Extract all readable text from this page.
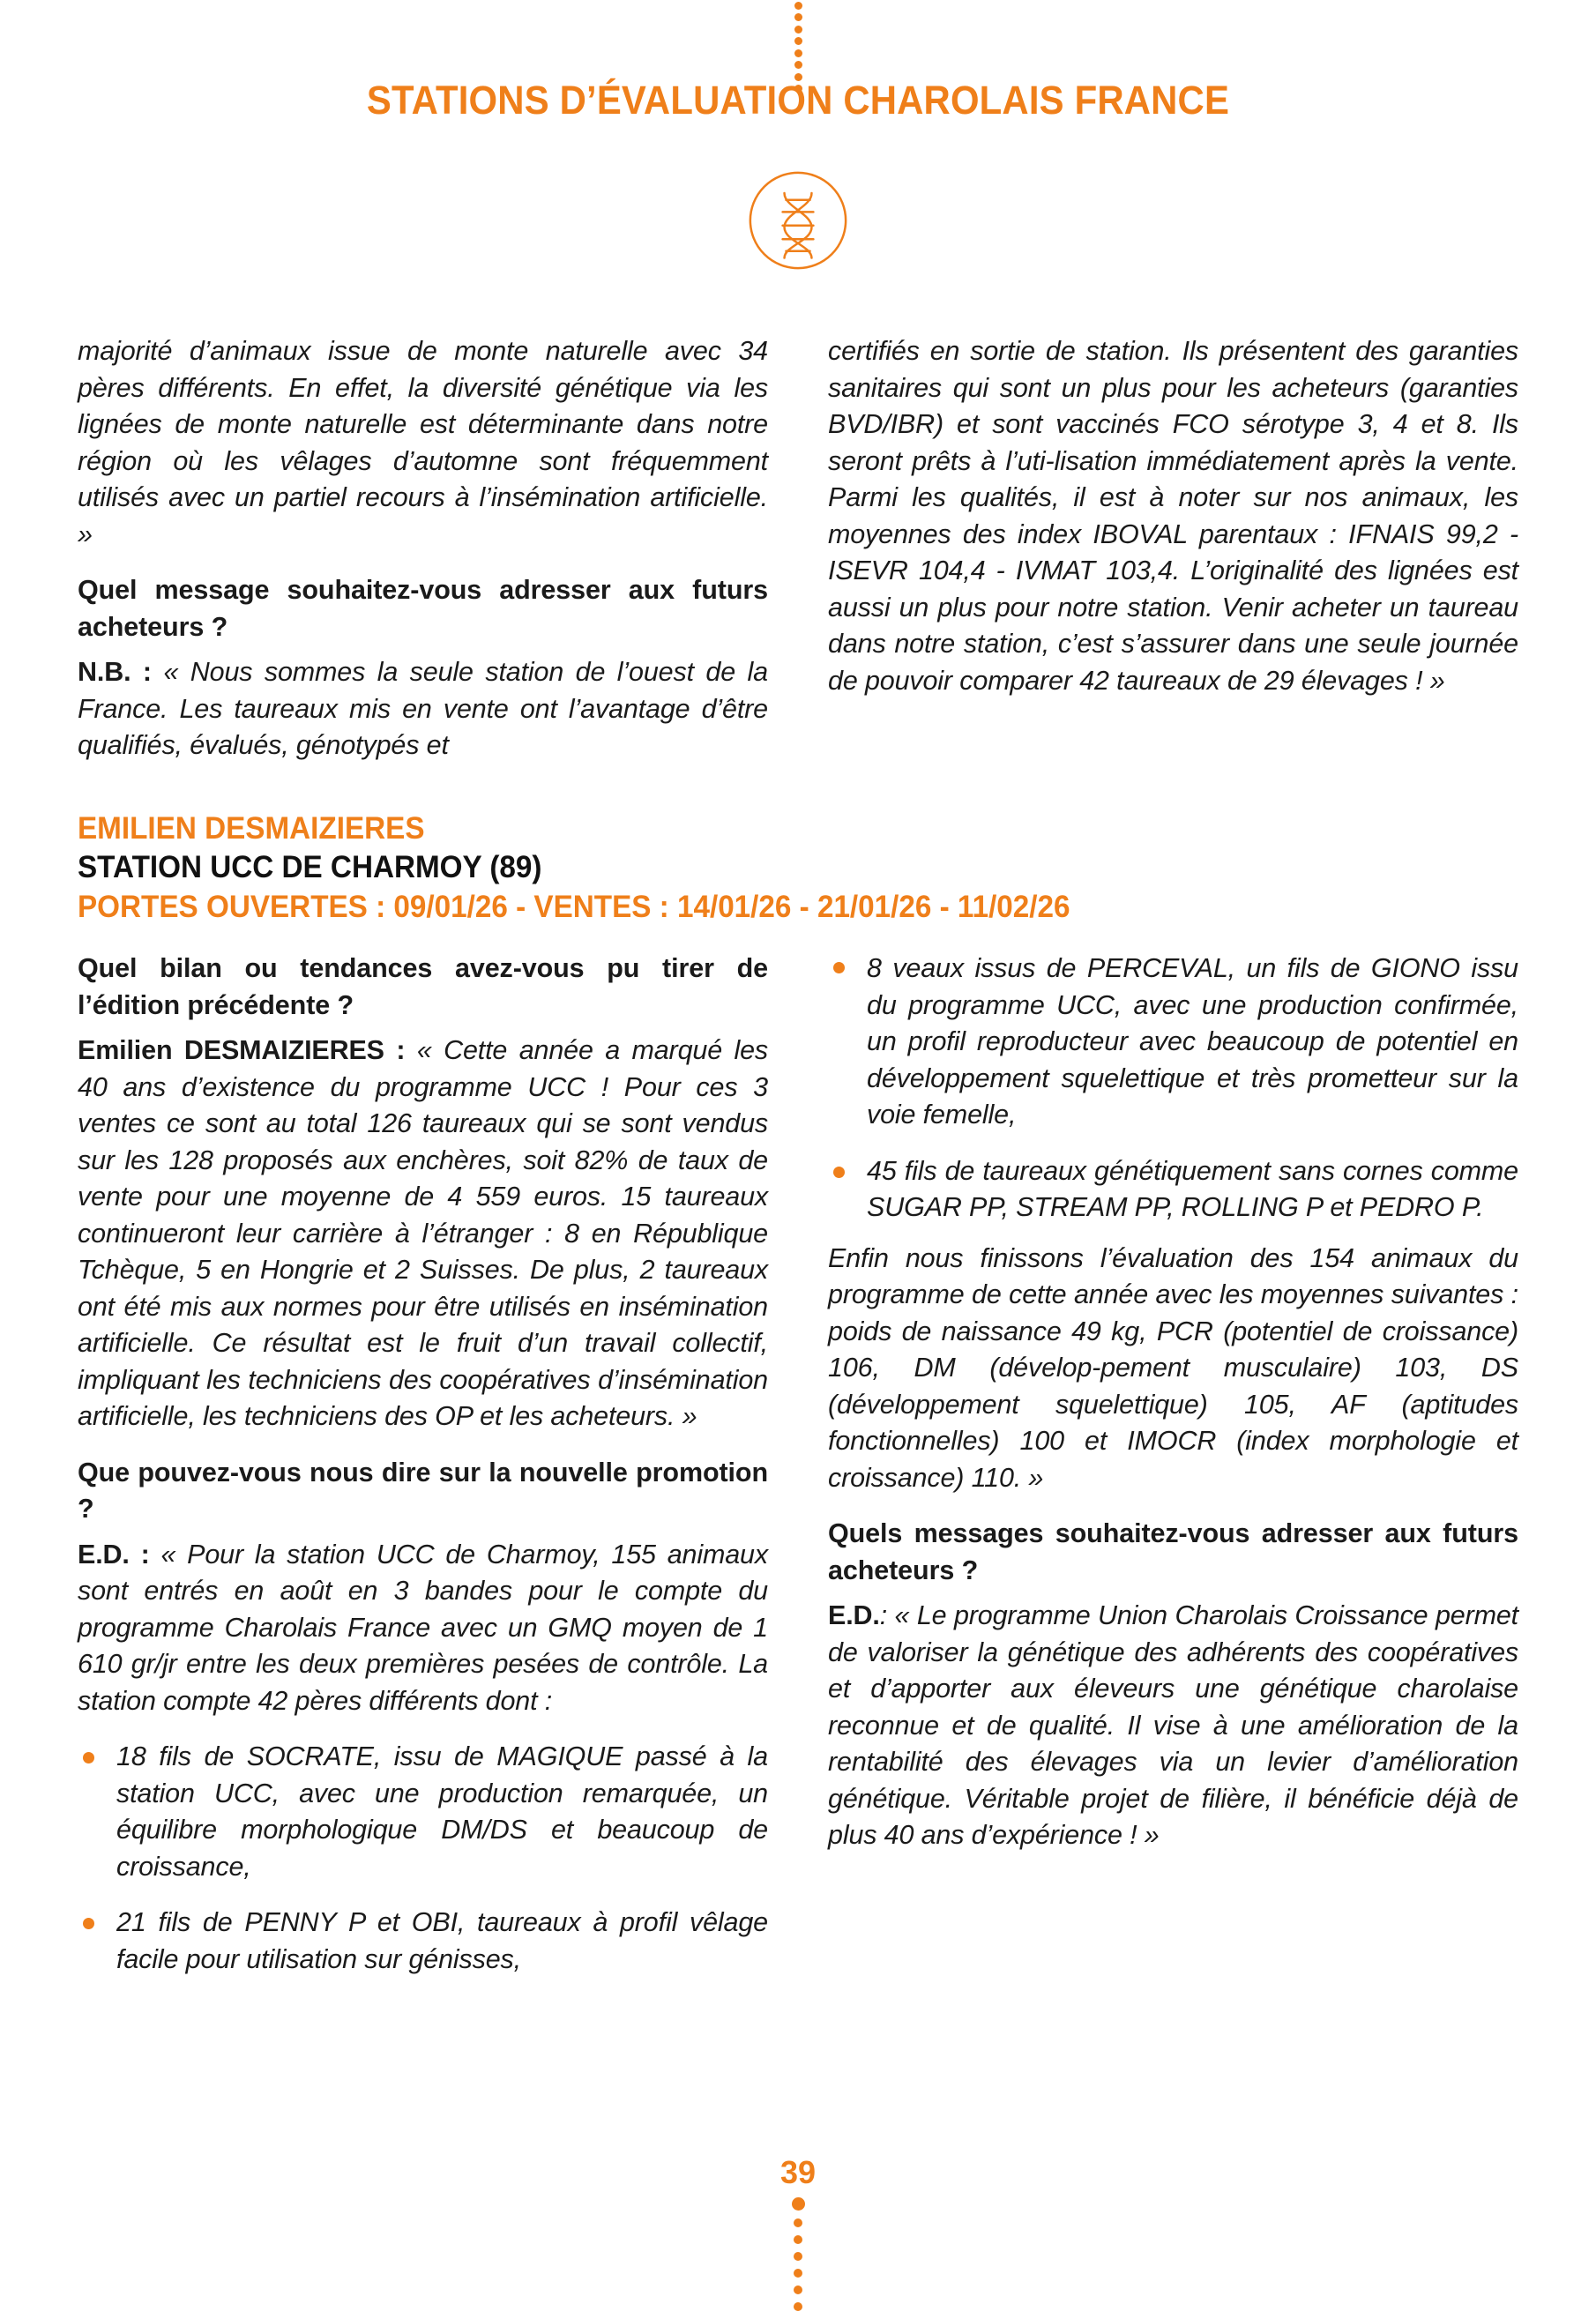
STATIONS D’ÉVALUATION CHAROLAIS FRANCE

majorité d’animaux issue de monte naturelle avec 34 pères différents. En effet, la diversité génétique via les lignées de monte naturelle est déterminante dans notre région où les vêlages d’automne sont fréquemment utilisés avec un partiel recours à l’insémination artificielle. »

Quel message souhaitez-vous adresser aux futurs acheteurs ?

N.B. : « Nous sommes la seule station de l’ouest de la France. Les taureaux mis en vente ont l’avantage d’être qualifiés, évalués, génotypés et

certifiés en sortie de station. Ils présentent des garanties sanitaires qui sont un plus pour les acheteurs (garanties BVD/IBR) et sont vaccinés FCO sérotype 3, 4 et 8. Ils seront prêts à l’uti-lisation immédiatement après la vente. Parmi les qualités, il est à noter sur nos animaux, les moyennes des index IBOVAL parentaux : IFNAIS 99,2 - ISEVR 104,4 - IVMAT 103,4. L’originalité des lignées est aussi un plus pour notre station. Venir acheter un taureau dans notre station, c’est s’assurer dans une seule journée de pouvoir comparer 42 taureaux de 29 élevages ! »

EMILIEN DESMAIZIERES
STATION UCC DE CHARMOY (89)
PORTES OUVERTES : 09/01/26 - VENTES : 14/01/26 - 21/01/26 - 11/02/26

Quel bilan ou tendances avez-vous pu tirer de l’édition précédente ?

Emilien DESMAIZIERES : « Cette année a marqué les 40 ans d’existence du programme UCC ! Pour ces 3 ventes ce sont au total 126 taureaux qui se sont vendus sur les 128 proposés aux enchères, soit 82% de taux de vente pour une moyenne de 4 559 euros. 15 taureaux continueront leur carrière à l’étranger : 8 en République Tchèque, 5 en Hongrie et 2 Suisses. De plus, 2 taureaux ont été mis aux normes pour être utilisés en insémination artificielle. Ce résultat est le fruit d’un travail collectif, impliquant les techniciens des coopératives d’insémination artificielle, les techniciens des OP et les acheteurs. »

Que pouvez-vous nous dire sur la nouvelle promotion ?

E.D. : « Pour la station UCC de Charmoy, 155 animaux sont entrés en août en 3 bandes pour le compte du programme Charolais France avec un GMQ moyen de 1 610 gr/jr entre les deux premières pesées de contrôle. La station compte 42 pères différents dont :

18 fils de SOCRATE, issu de MAGIQUE passé à la station UCC, avec une production remarquée, un équilibre morphologique DM/DS et beaucoup de croissance,

21 fils de PENNY P et OBI, taureaux à profil vêlage facile pour utilisation sur génisses,

8 veaux issus de PERCEVAL, un fils de GIONO issu du programme UCC, avec une production confirmée, un profil reproducteur avec beaucoup de potentiel en développement squelettique et très prometteur sur la voie femelle,

45 fils de taureaux génétiquement sans cornes comme SUGAR PP, STREAM PP, ROLLING P et PEDRO P.

Enfin nous finissons l’évaluation des 154 animaux du programme de cette année avec les moyennes suivantes : poids de naissance 49 kg, PCR (potentiel de croissance) 106, DM (dévelop-pement musculaire) 103, DS (développement squelettique) 105, AF (aptitudes fonctionnelles) 100 et IMOCR (index morphologie et croissance) 110. »

Quels messages souhaitez-vous adresser aux futurs acheteurs ?

E.D.: « Le programme Union Charolais Croissance permet de valoriser la génétique des adhérents des coopératives et d’apporter aux éleveurs une génétique charolaise reconnue et de qualité. Il vise à une amélioration de la rentabilité des élevages via un levier d’amélioration génétique. Véritable projet de filière, il bénéficie déjà de plus 40 ans d’expérience ! »

39
